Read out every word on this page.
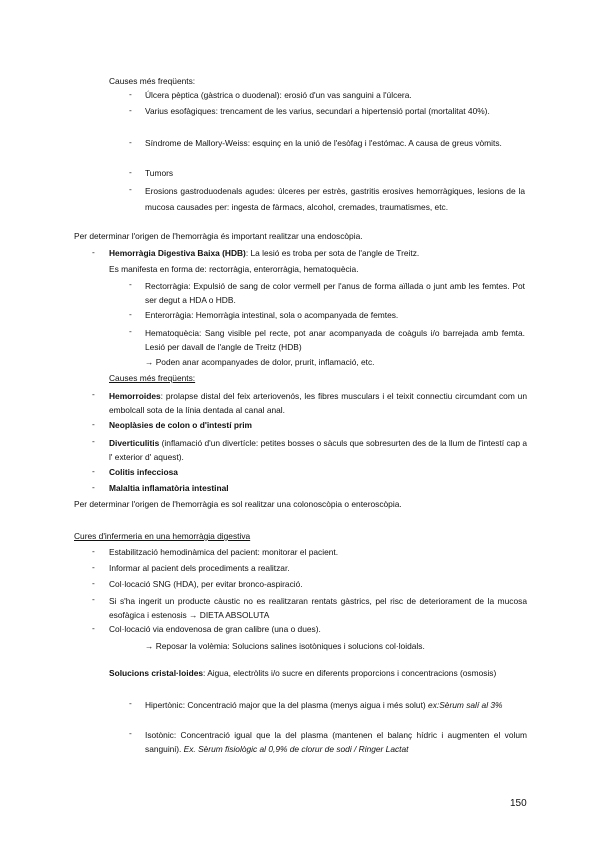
Causes més freqüents:
- Úlcera pèptica (gàstrica o duodenal): erosió d'un vas sanguini a l'úlcera.
- Varius esofàgiques: trencament de les varius, secundari a hipertensió portal (mortalitat 40%).
- Síndrome de Mallory-Weiss: esquinç en la unió de l'esòfag i l'estómac. A causa de greus vòmits.
- Tumors
- Erosions gastroduodenals agudes: úlceres per estrès, gastritis erosives hemorràgiques, lesions de la mucosa causades per: ingesta de fàrmacs, alcohol, cremades, traumatismes, etc.
Per determinar l'origen de l'hemorràgia és important realitzar una endoscòpia.
- Hemorràgia Digestiva Baixa (HDB): La lesió es troba per sota de l'angle de Treitz.
Es manifesta en forma de: rectorràgia, enterorràgia, hematoquècia.
- Rectorràgia: Expulsió de sang de color vermell per l'anus de forma aïllada o junt amb les femtes. Pot ser degut a HDA o HDB.
- Enterorràgia: Hemorràgia intestinal, sola o acompanyada de femtes.
- Hematoquècia: Sang visible pel recte, pot anar acompanyada de coàguls i/o barrejada amb femta. Lesió per davall de l'angle de Treitz (HDB)
→ Poden anar acompanyades de dolor, prurit, inflamació, etc.
Causes més freqüents:
- Hemorroides: prolapse distal del feix arteriovenós, les fibres musculars i el teixit connectiu circumdant com un embolcall sota de la línia dentada al canal anal.
- Neoplàsies de colon o d'intestí prim
- Diverticulitis (inflamació d'un divertícle: petites bosses o sàculs que sobresurten des de la llum de l'intestí cap a l' exterior d' aquest).
- Colitis infecciosa
- Malaltia inflamatòria intestinal
Per determinar l'origen de l'hemorràgia es sol realitzar una colonoscòpia o enteroscòpia.
Cures d'infermeria en una hemorràgia digestiva
- Estabilització hemodinàmica del pacient: monitorar el pacient.
- Informar al pacient dels procediments a realitzar.
- Col·locació SNG (HDA), per evitar bronco-aspiració.
- Si s'ha ingerit un producte càustic no es realitzaran rentats gàstrics, pel risc de deteriorament de la mucosa esofàgica i estenosis → DIETA ABSOLUTA
- Col·locació via endovenosa de gran calibre (una o dues).
→ Reposar la volèmia: Solucions salines isotòniques i solucions col·loidals.
Solucions cristal·loides: Aigua, electròlits i/o sucre en diferents proporcions i concentracions (osmosis)
- Hipertònic: Concentració major que la del plasma (menys aigua i més solut) ex:Sèrum salí al 3%
- Isotònic: Concentració igual que la del plasma (mantenen el balanç hídric i augmenten el volum sanguini). Ex. Sèrum fisiològic al 0,9% de clorur de sodi / Ringer Lactat
150
